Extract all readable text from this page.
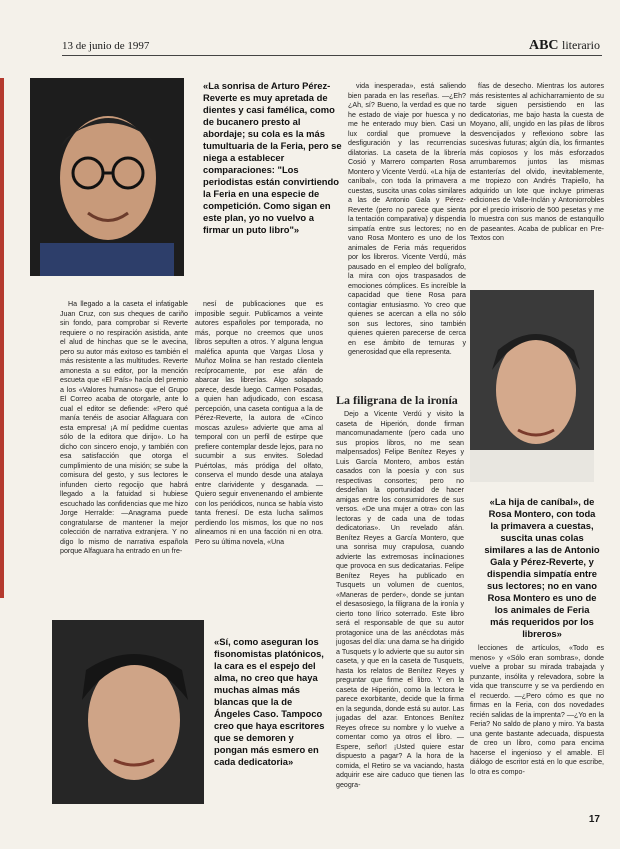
13 de junio de 1997	ABC literario
«La sonrisa de Arturo Pérez-Reverte es muy apretada de dientes y casi famélica, como de bucanero presto al abordaje; su cola es la más tumultuaria de la Feria, pero se niega a establecer comparaciones: "Los periodistas están convirtiendo la Feria en una especie de competición. Como sigan en este plan, yo no vuelvo a firmar un puto libro"»

vida inesperada», está saliendo bien parada en las reseñas. —¿Eh? ¿Ah, sí? Bueno, la verdad es que no he estado de viaje por huesca y no me he enterado muy bien. Casi un lux cordial que promueve la desfiguración y las recurrencias dilatorias. La caseta de la librería Cosió y Marrero comparten Rosa Montero y Vicente Verdú. «La hija de caníbal», con toda la primavera a cuestas, suscita unas colas similares a las de Antonio Gala y Pérez-Reverte (pero no parece que sienta la tentación comparativa) y dispendia simpatía entre sus lectores; no en vano Rosa Montero es uno de los animales de Feria más requeridos por los libreros. Vicente Verdú, más pausado en el empleo del bolígrafo, la mira con ojos traspasados de emociones cómplices. Es increíble la capacidad que tiene Rosa para contagiar entusiasmo. Yo creo que quienes se acercan a ella no sólo son sus lectores, sino también quienes quieren parecerse de cerca en ese ámbito de ternuras y generosidad que ella representa.

fías de desecho. Mientras los autores más resistentes al achicharramiento de su tarde siguen persistiendo en las dedicatorias, me bajo hasta la cuesta de Moyano, allí, ungido en las pilas de libros desvencijados y reflexiono sobre las sucesivas futuras; algún día, los firmantes más copiosos y los más esforzados arrumbaremos juntos las mismas estanterías del olvido, inevitablemente, me tropiezo con Andrés Trapiello, ha adquirido un lote que incluye primeras ediciones de Valle-Inclán y Antoniorrobles por el precio irrisorio de 500 pesetas y me lo muestra con sus manos de estanquillo de paseantes. Acaba de publicar en Pre-Textos con

«La hija de caníbal», de Rosa Montero, con toda la primavera a cuestas, suscita unas colas similares a las de Antonio Gala y Pérez-Reverte, y dispendia simpatía entre sus lectores; no en vano Rosa Montero es uno de los animales de Feria más requeridos por los libreros»

Ha llegado a la caseta el infatigable Juan Cruz, con sus cheques de cariño sin fondo, para comprobar si Reverte requiere o no respiración asistida, ante el alud de hinchas que se le avecina, pero su autor más exitoso es también el más resistente a las multitudes. Reverte amonesta a su editor, por la mención escueta que «El País» hacía del premio a los «Valores humanos» que el Grupo El Correo acaba de otorgarle, ante lo cual el editor se defiende: «Pero qué manía tenéis de asociar Alfaguara con esta empresa! ¡A mí pedidme cuentas sólo de la editora que dirijo». Lo ha dicho con sincero enojo, y también con esa satisfacción que otorga el cumplimiento de una misión; se sube la comisura del gesto, y sus lectores le infunden cierto regocijo que habrá llegado a la fatuidad si hubiese escuchado las confidencias que me hizo Jorge Herralde: —Anagrama puede congratularse de mantener la mejor colección de narrativa extranjera. Y no digo lo mismo de narrativa española porque Alfaguara ha entrado en un fre-

nesí de publicaciones que es imposible seguir. Publicamos a veinte autores españoles por temporada, no más, porque no creemos que unos libros sepulten a otros. Y alguna lengua maléfica apunta que Vargas Llosa y Muñoz Molina se han restado clientela recíprocamente, por ese afán de abarcar las librerías. Algo solapado parece, desde luego. Carmen Posadas, a quien han adjudicado, con escasa percepción, una caseta contigua a la de Pérez-Reverte, la autora de «Cinco moscas azules» advierte que ama al temporal con un perfil de estirpe que prefiere contemplar desde lejos, para no sucumbir a sus envites. Soledad Puértolas, más pródiga del olfato, conserva el mundo desde una atalaya entre clarividente y desganada. —Quiero seguir envenenando el ambiente con los periódicos, nunca se había visto tanta frenesí. De esta lucha salimos perdiendo los mismos, los que no nos alineamos ni en una facción ni en otra. Pero su última novela, «Una

La filigrana de la ironía

Dejo a Vicente Verdú y visito la caseta de Hiperión, donde firman mancomunadamente (pero cada uno sus propios libros, no me sean malpensados) Felipe Benítez Reyes y Luis García Montero, ambos están casados con la poesía y con sus respectivas consortes; pero no desdeñan la oportunidad de hacer amigas entre los consumidores de sus versos. «De una mujer a otra» con las lectoras y de cada una de todas dedicatorias». Un revelado afán. Benítez Reyes a García Montero, que una sonrisa muy crapulosa, cuando advierte las extremosas inclinaciones que provoca en sus dedicatarias. Felipe Benítez Reyes ha publicado en Tusquets un volumen de cuentos, «Maneras de perder», donde se juntan el desasosiego, la filigrana de la ironía y cierto tono lírico soterrado. Este libro será el responsable de que su autor protagonice una de las anécdotas más jugosas del día: una dama se ha dirigido a Tusquets y lo advierte que su autor sin caseta, y que en la caseta de Tusquets, hasta los relatos de Benítez Reyes y preguntar que firme el libro. Y en la caseta de Hiperión, como la lectora le parece exorbitante, decide que la firma en la segunda, donde está su autor. Las jugadas del azar. Entonces Benítez Reyes ofrece su nombre y lo vuelve a comentar como ya otros el libro. —Espere, señor! ¡Usted quiere estar dispuesto a pagar? A la hora de la comida, el Retiro se va vaciando, hasta adquirir ese aire caduco que tienen las geogra-

«Sí, como aseguran los fisonomistas platónicos, la cara es el espejo del alma, no creo que haya muchas almas más blancas que la de Ángeles Caso. Tampoco creo que haya escritores que se demoren y pongan más esmero en cada dedicatoria»

lecciones de artículos, «Todo es menos» y «Sólo eran sombras», donde vuelve a probar su mirada trabajada y punzante, insólita y relevadora, sobre la vida que transcurre y se va perdiendo en el recuerdo. —¿Pero cómo es que no firmas en la Feria, con dos novedades recién salidas de la imprenta? —¿Yo en la Feria? No saldo de plano y miro. Ya basta una gente bastante adecuada, dispuesta de creo un libro, como para encima hacerse el ingenioso y el amable. El diálogo de escritor está en lo que escribe, lo otra es compo-

17
